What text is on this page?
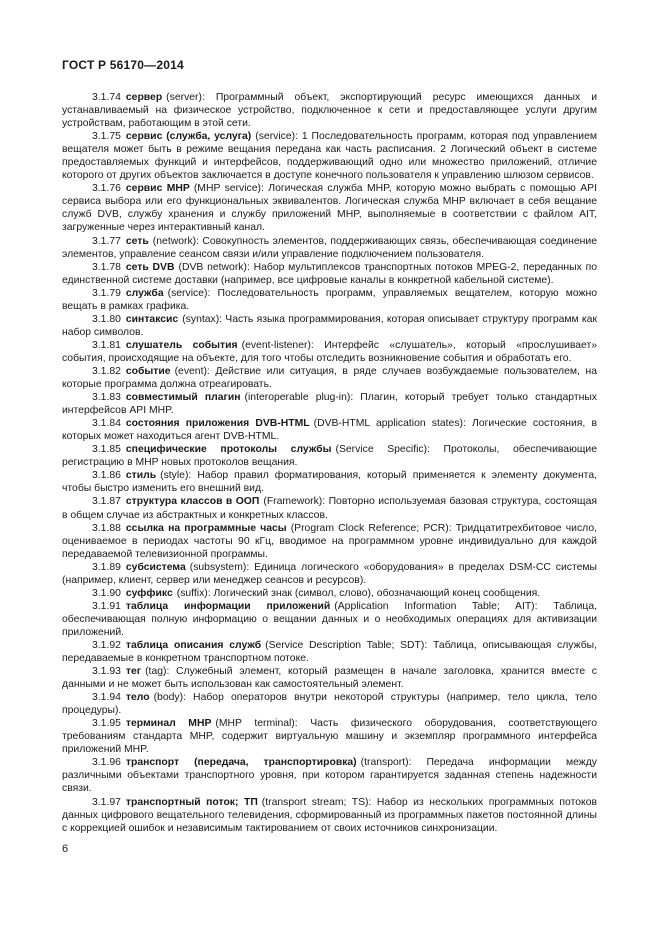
ГОСТ Р 56170—2014

3.1.74 сервер (server): Программный объект, экспортирующий ресурс имеющихся данных и устанавливаемый на физическое устройство, подключенное к сети и предоставляющее услуги другим устройствам, работающим в этой сети.

3.1.75 сервис (служба, услуга) (service): 1 Последовательность программ, которая под управлением вещателя может быть в режиме вещания передана как часть расписания. 2 Логический объект в системе предоставляемых функций и интерфейсов, поддерживающий одно или множество приложений, отличие которого от других объектов заключается в доступе конечного пользователя к управлению шлюзом сервисов.

3.1.76 сервис MHP (MHP service): Логическая служба MHP, которую можно выбрать с помощью API сервиса выбора или его функциональных эквивалентов. Логическая служба MHP включает в себя вещание служб DVB, службу хранения и службу приложений MHP, выполняемые в соответствии с файлом AIT, загруженные через интерактивный канал.

3.1.77 сеть (network): Совокупность элементов, поддерживающих связь, обеспечивающая соединение элементов, управление сеансом связи и/или управление подключением пользователя.

3.1.78 сеть DVB (DVB network): Набор мультиплексов транспортных потоков MPEG-2, переданных по единственной системе доставки (например, все цифровые каналы в конкретной кабельной системе).

3.1.79 служба (service): Последовательность программ, управляемых вещателем, которую можно вещать в рамках графика.

3.1.80 синтаксис (syntax): Часть языка программирования, которая описывает структуру программ как набор символов.

3.1.81 слушатель события (event-listener): Интерфейс «слушатель», который «прослушивает» события, происходящие на объекте, для того чтобы отследить возникновение события и обработать его.

3.1.82 событие (event): Действие или ситуация, в ряде случаев возбуждаемые пользователем, на которые программа должна отреагировать.

3.1.83 совместимый плагин (interoperable plug-in): Плагин, который требует только стандартных интерфейсов API MHP.

3.1.84 состояния приложения DVB-HTML (DVB-HTML application states): Логические состояния, в которых может находиться агент DVB-HTML.

3.1.85 специфические протоколы службы (Service Specific): Протоколы, обеспечивающие регистрацию в MHP новых протоколов вещания.

3.1.86 стиль (style): Набор правил форматирования, который применяется к элементу документа, чтобы быстро изменить его внешний вид.

3.1.87 структура классов в ООП (Framework): Повторно используемая базовая структура, состоящая в общем случае из абстрактных и конкретных классов.

3.1.88 ссылка на программные часы (Program Clock Reference; PCR): Тридцатитрехбитовое число, оцениваемое в периодах частоты 90 кГц, вводимое на программном уровне индивидуально для каждой передаваемой телевизионной программы.

3.1.89 субсистема (subsystem): Единица логического «оборудования» в пределах DSM-CC системы (например, клиент, сервер или менеджер сеансов и ресурсов).

3.1.90 суффикс (suffix): Логический знак (символ, слово), обозначающий конец сообщения.

3.1.91 таблица информации приложений (Application Information Table; AIT): Таблица, обеспечивающая полную информацию о вещании данных и о необходимых операциях для активизации приложений.

3.1.92 таблица описания служб (Service Description Table; SDT): Таблица, описывающая службы, передаваемые в конкретном транспортном потоке.

3.1.93 тег (tag): Служебный элемент, который размещен в начале заголовка, хранится вместе с данными и не может быть использован как самостоятельный элемент.

3.1.94 тело (body): Набор операторов внутри некоторой структуры (например, тело цикла, тело процедуры).

3.1.95 терминал MHP (MHP terminal): Часть физического оборудования, соответствующего требованиям стандарта MHP, содержит виртуальную машину и экземпляр программного интерфейса приложений MHP.

3.1.96 транспорт (передача, транспортировка) (transport): Передача информации между различными объектами транспортного уровня, при котором гарантируется заданная степень надежности связи.

3.1.97 транспортный поток; ТП (transport stream; TS): Набор из нескольких программных потоков данных цифрового вещательного телевидения, сформированный из программных пакетов постоянной длины с коррекцией ошибок и независимым тактированием от своих источников синхронизации.

6
